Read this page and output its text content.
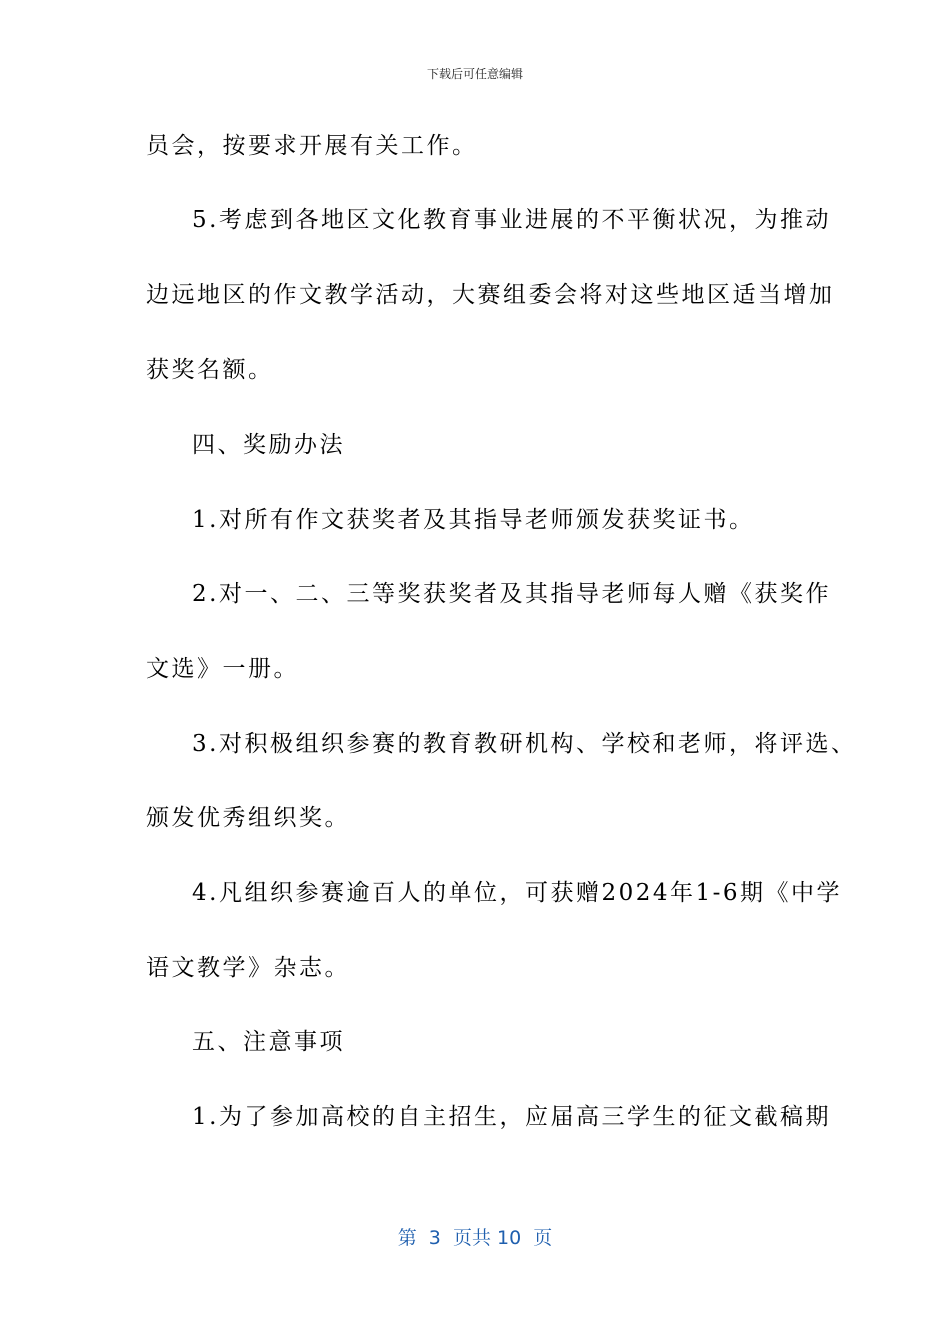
下载后可任意编辑
员会，按要求开展有关工作。
5.考虑到各地区文化教育事业进展的不平衡状况，为推动
边远地区的作文教学活动，大赛组委会将对这些地区适当增加
获奖名额。
四、奖励办法
1.对所有作文获奖者及其指导老师颁发获奖证书。
2.对一、二、三等奖获奖者及其指导老师每人赠《获奖作
文选》一册。
3.对积极组织参赛的教育教研机构、学校和老师，将评选、
颁发优秀组织奖。
4.凡组织参赛逾百人的单位，可获赠2024年1-6期《中学
语文教学》杂志。
五、注意事项
1.为了参加高校的自主招生，应届高三学生的征文截稿期
第  3  页共 10  页
